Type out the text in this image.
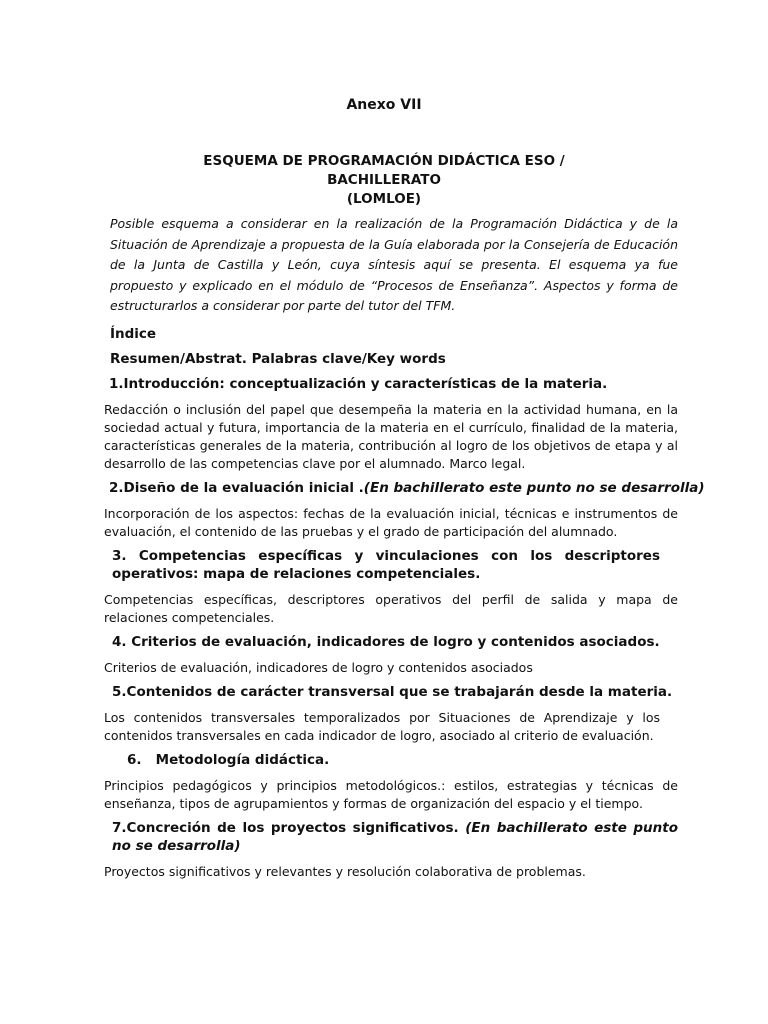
Anexo VII
ESQUEMA DE PROGRAMACIÓN DIDÁCTICA ESO / BACHILLERATO
(LOMLOE)
Posible esquema a considerar en la realización de la Programación Didáctica y de la Situación de Aprendizaje a propuesta de la Guía elaborada por la Consejería de Educación de la Junta de Castilla y León, cuya síntesis aquí se presenta. El esquema ya fue propuesto y explicado en el módulo de “Procesos de Enseñanza”. Aspectos y forma de estructurarlos a considerar por parte del tutor del TFM.
Índice
Resumen/Abstrat. Palabras clave/Key words
1.Introducción: conceptualización y características de la materia.
Redacción o inclusión del papel que desempeña la materia en la actividad humana, en la sociedad actual y futura, importancia de la materia en el currículo, finalidad de la materia, características generales de la materia, contribución al logro de los objetivos de etapa y al desarrollo de las competencias clave por el alumnado. Marco legal.
2.Diseño de la evaluación inicial .(En bachillerato este punto no se desarrolla)
Incorporación de los aspectos: fechas de la evaluación inicial, técnicas e instrumentos de evaluación, el contenido de las pruebas y el grado de participación del alumnado.
3. Competencias específicas y vinculaciones con los descriptores operativos: mapa de relaciones competenciales.
Competencias específicas, descriptores operativos del perfil de salida y mapa de relaciones competenciales.
4. Criterios de evaluación, indicadores de logro y contenidos asociados.
Criterios de evaluación, indicadores de logro y contenidos asociados
5.Contenidos de carácter transversal que se trabajarán desde la materia.
Los contenidos transversales temporalizados por Situaciones de Aprendizaje y los contenidos transversales en cada indicador de logro, asociado al criterio de evaluación.
6. Metodología didáctica.
Principios pedagógicos y principios metodológicos.: estilos, estrategias y técnicas de enseñanza, tipos de agrupamientos y formas de organización del espacio y el tiempo.
7.Concreción de los proyectos significativos. (En bachillerato este punto no se desarrolla)
Proyectos significativos y relevantes y resolución colaborativa de problemas.
